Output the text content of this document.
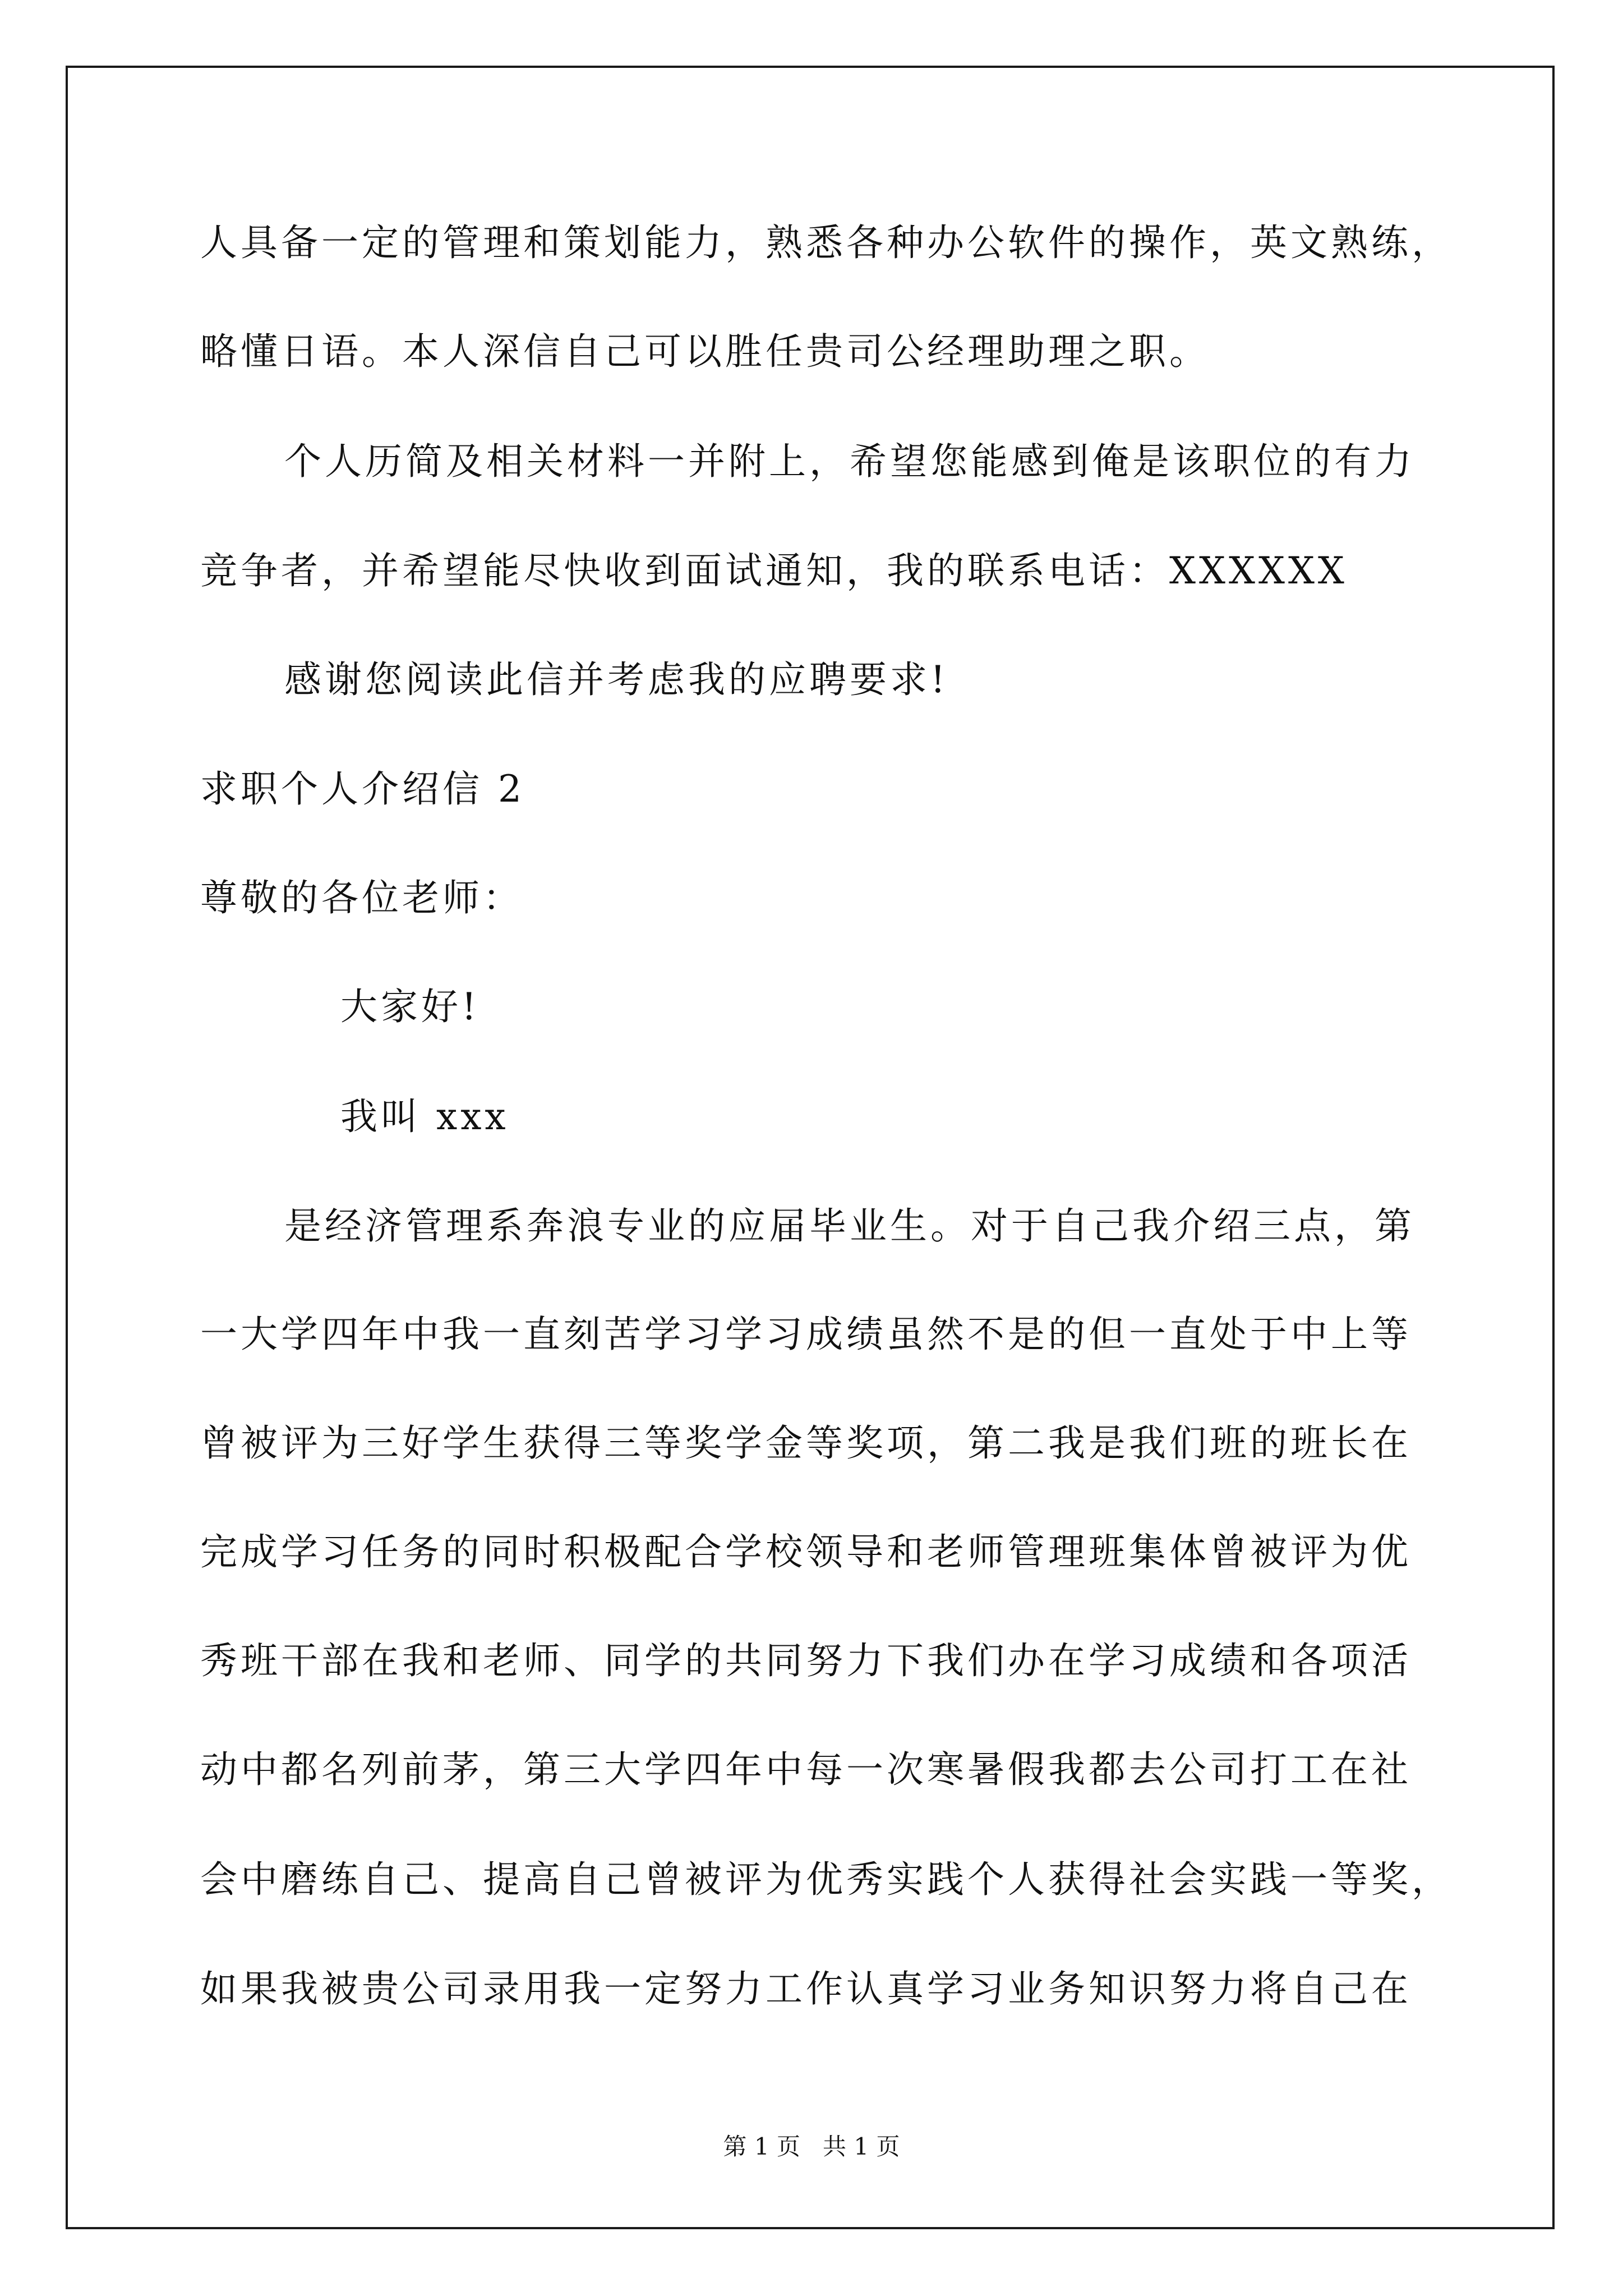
人具备一定的管理和策划能力，熟悉各种办公软件的操作，英文熟练，
略懂日语。本人深信自己可以胜任贵司公经理助理之职。
个人历简及相关材料一并附上，希望您能感到俺是该职位的有力
竞争者，并希望能尽快收到面试通知，我的联系电话：XXXXXX
感谢您阅读此信并考虑我的应聘要求!
求职个人介绍信 2
尊敬的各位老师：
大家好!
我叫 xxx
是经济管理系奔浪专业的应届毕业生。对于自己我介绍三点，第
一大学四年中我一直刻苦学习学习成绩虽然不是的但一直处于中上等
曾被评为三好学生获得三等奖学金等奖项，第二我是我们班的班长在
完成学习任务的同时积极配合学校领导和老师管理班集体曾被评为优
秀班干部在我和老师、同学的共同努力下我们办在学习成绩和各项活
动中都名列前茅，第三大学四年中每一次寒暑假我都去公司打工在社
会中磨练自己、提高自己曾被评为优秀实践个人获得社会实践一等奖，
如果我被贵公司录用我一定努力工作认真学习业务知识努力将自己在
第 1 页   共 1 页
